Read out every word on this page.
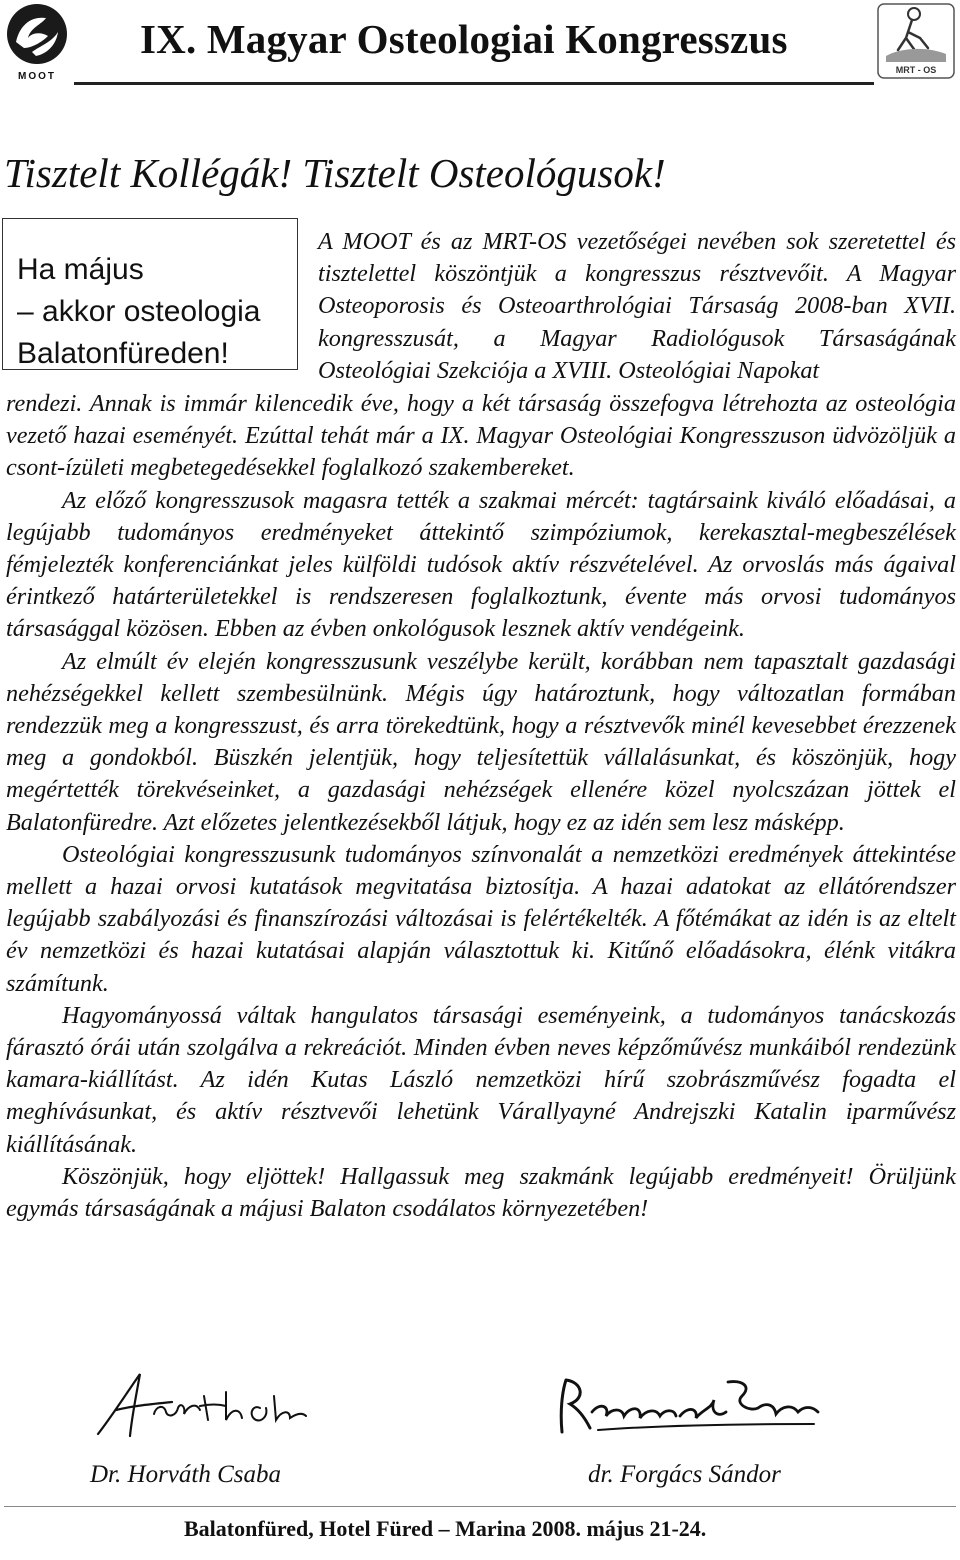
MOOT
IX. Magyar Osteologiai Kongresszus
MRT - OS
Tisztelt Kollégák! Tisztelt Osteológusok!

Ha május

– akkor osteologia

Balatonfüreden!

A MOOT és az MRT-OS vezetőségei nevében sok szeretettel és tisztelettel köszöntjük a kongresszus résztvevőit. A Magyar Osteoporosis és Osteoarthrológiai Társaság 2008-ban XVII. kongresszusát, a Magyar Radiológusok Társaságának Osteológiai Szekciója a XVIII. Osteológiai Napokat

rendezi. Annak is immár kilencedik éve, hogy a két társaság összefogva létrehozta az osteológia vezető hazai eseményét. Ezúttal tehát már a IX. Magyar Osteológiai Kongresszuson üdvözöljük a csont-ízületi megbetegedésekkel foglalkozó szakembereket.

Az előző kongresszusok magasra tették a szakmai mércét: tagtársaink kiváló előadásai, a legújabb tudományos eredményeket áttekintő szimpóziumok, kerekasztal-megbeszélések fémjelezték konferenciánkat jeles külföldi tudósok aktív részvételével. Az orvoslás más ágaival érintkező határterületekkel is rendszeresen foglalkoztunk, évente más orvosi tudományos társasággal közösen. Ebben az évben onkológusok lesznek aktív vendégeink.

Az elmúlt év elején kongresszusunk veszélybe került, korábban nem tapasztalt gazdasági nehézségekkel kellett szembesülnünk. Mégis úgy határoztunk, hogy változatlan formában rendezzük meg a kongresszust, és arra törekedtünk, hogy a résztvevők minél kevesebbet érezzenek meg a gondokból. Büszkén jelentjük, hogy teljesítettük vállalásunkat, és köszönjük, hogy megértették törekvéseinket, a gazdasági nehézségek ellenére közel nyolcszázan jöttek el Balatonfüredre. Azt előzetes jelentkezésekből látjuk, hogy ez az idén sem lesz másképp.

Osteológiai kongresszusunk tudományos színvonalát a nemzetközi eredmények áttekintése mellett a hazai orvosi kutatások megvitatása biztosítja. A hazai adatokat az ellátórendszer legújabb szabályozási és finanszírozási változásai is felértékelték. A főtémákat az idén is az eltelt év nemzetközi és hazai kutatásai alapján választottuk ki. Kitűnő előadásokra, élénk vitákra számítunk.

Hagyományossá váltak hangulatos társasági eseményeink, a tudományos tanácskozás fárasztó órái után szolgálva a rekreációt. Minden évben neves képzőművész munkáiból rendezünk kamara-kiállítást. Az idén Kutas László nemzetközi hírű szobrászművész fogadta el meghívásunkat, és aktív résztvevői lehetünk Várallyayné Andrejszki Katalin iparművész kiállításának.

Köszönjük, hogy eljöttek! Hallgassuk meg szakmánk legújabb eredményeit! Örüljünk egymás társaságának a májusi Balaton csodálatos környezetében!

Dr. Horváth Csaba	dr. Forgács Sándor
Balatonfüred, Hotel Füred – Marina 2008. május 21-24.
